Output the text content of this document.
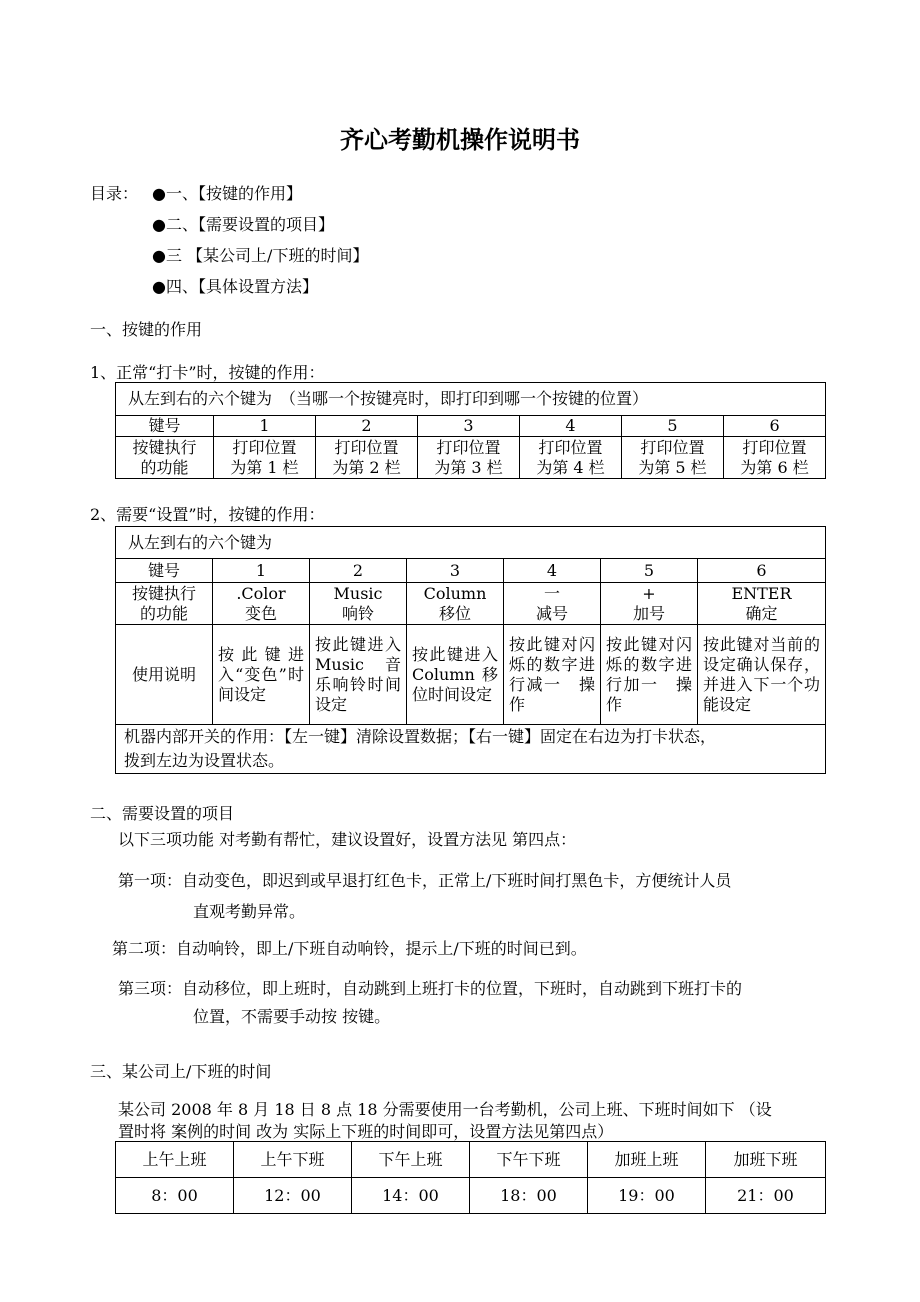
齐心考勤机操作说明书
目录： ●一、【按键的作用】
●二、【需要设置的项目】
●三 【某公司上/下班的时间】
●四、【具体设置方法】
一、按键的作用
1、正常“打卡”时，按键的作用：
从左到右的六个键为　（当哪一个按键亮时，即打印到哪一个按键的位置）						
键号	1	2	3	4	5	6

按键执行
的功能	打印位置
为第 1 栏	打印位置
为第 2 栏	打印位置
为第 3 栏	打印位置
为第 4 栏	打印位置
为第 5 栏	打印位置
为第 6 栏
2、需要“设置”时，按键的作用：
从左到右的六个键为						
键号	1	2	3	4	5	6

按键执行
的功能	.Color
变色	Music
响铃	Column
移位	一
减号	+
加号	ENTER
确定

使用说明	按此键进入“变色”时间设定	按此键进入 Music 音乐响铃时间设定	按此键进入 Column 移位时间设定	按此键对闪烁的数字进行减一　操作	按此键对闪烁的数字进行加一　操作	按此键对当前的设定确认保存，并进入下一个功能设定

机器内部开关的作用：【左一键】清除设置数据；【右一键】固定在右边为打卡状态，
拨到左边为设置状态。						
二、需要设置的项目
以下三项功能 对考勤有帮忙，建议设置好，设置方法见 第四点：
第一项：自动变色，即迟到或早退打红色卡，正常上/下班时间打黑色卡，方便统计人员
直观考勤异常。
第二项：自动响铃，即上/下班自动响铃，提示上/下班的时间已到。
第三项：自动移位，即上班时，自动跳到上班打卡的位置，下班时，自动跳到下班打卡的
位置，不需要手动按 按键。
三、某公司上/下班的时间
某公司 2008 年 8 月 18 日 8 点 18 分需要使用一台考勤机，公司上班、下班时间如下 （设
置时将 案例的时间 改为 实际上下班的时间即可，设置方法见第四点）
上午上班	上午下班	下午上班	下午下班	加班上班	加班下班
8：00	12：00	14：00	18：00	19：00	21：00
